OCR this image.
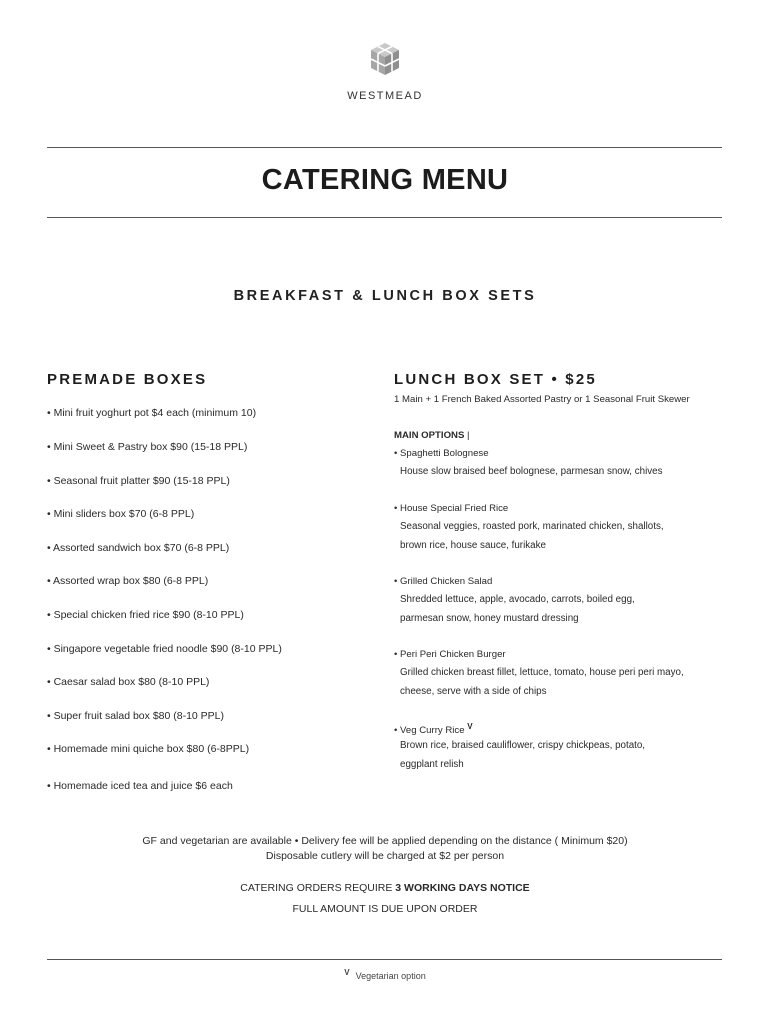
WESTMEAD
CATERING MENU
BREAKFAST & LUNCH BOX SETS
PREMADE BOXES
• Mini fruit yoghurt pot $4 each (minimum 10)
• Mini Sweet & Pastry box $90 (15-18 PPL)
• Seasonal fruit platter $90 (15-18 PPL)
• Mini sliders box $70 (6-8 PPL)
• Assorted sandwich box $70 (6-8 PPL)
• Assorted wrap box $80 (6-8 PPL)
• Special chicken fried rice $90 (8-10 PPL)
• Singapore vegetable fried noodle $90 (8-10 PPL)
• Caesar salad box $80 (8-10 PPL)
• Super fruit salad box $80 (8-10 PPL)
• Homemade mini quiche box $80 (6-8PPL)
• Homemade iced tea and juice $6 each
LUNCH BOX SET • $25
1 Main + 1 French Baked Assorted Pastry or 1 Seasonal Fruit Skewer
MAIN OPTIONS |
• Spaghetti Bolognese
House slow braised beef bolognese, parmesan snow, chives
• House Special Fried Rice
Seasonal veggies, roasted pork, marinated chicken, shallots,
brown rice, house sauce, furikake
• Grilled Chicken Salad
Shredded lettuce, apple, avocado, carrots, boiled egg,
parmesan snow, honey mustard dressing
• Peri Peri Chicken Burger
Grilled chicken breast fillet, lettuce, tomato, house peri peri mayo,
cheese, serve with a side of chips
• Veg Curry Rice $^V$
Brown rice, braised cauliflower, crispy chickpeas, potato,
eggplant relish
GF and vegetarian are available • Delivery fee will be applied depending on the distance ( Minimum $20)
Disposable cutlery will be charged at $2 per person
CATERING ORDERS REQUIRE 3 WORKING DAYS NOTICE
FULL AMOUNT IS DUE UPON ORDER
V Vegetarian option
